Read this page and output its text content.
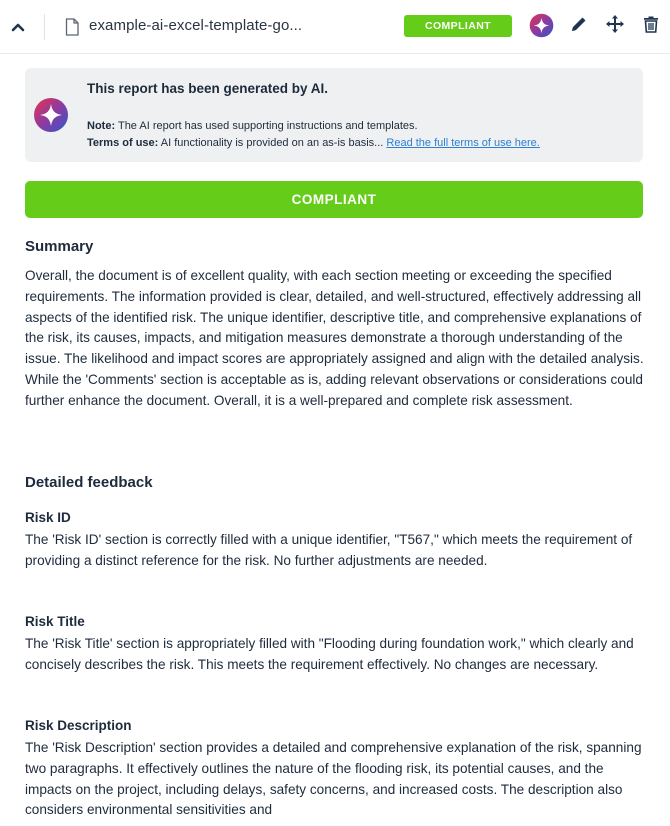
example-ai-excel-template-go...	COMPLIANT
This report has been generated by AI.
Note: The AI report has used supporting instructions and templates.
Terms of use: AI functionality is provided on an as-is basis... Read the full terms of use here.
COMPLIANT
Summary
Overall, the document is of excellent quality, with each section meeting or exceeding the specified requirements. The information provided is clear, detailed, and well-structured, effectively addressing all aspects of the identified risk. The unique identifier, descriptive title, and comprehensive explanations of the risk, its causes, impacts, and mitigation measures demonstrate a thorough understanding of the issue. The likelihood and impact scores are appropriately assigned and align with the detailed analysis. While the 'Comments' section is acceptable as is, adding relevant observations or considerations could further enhance the document. Overall, it is a well-prepared and complete risk assessment.
Detailed feedback
Risk ID
The 'Risk ID' section is correctly filled with a unique identifier, "T567," which meets the requirement of providing a distinct reference for the risk. No further adjustments are needed.
Risk Title
The 'Risk Title' section is appropriately filled with "Flooding during foundation work," which clearly and concisely describes the risk. This meets the requirement effectively. No changes are necessary.
Risk Description
The 'Risk Description' section provides a detailed and comprehensive explanation of the risk, spanning two paragraphs. It effectively outlines the nature of the flooding risk, its potential causes, and the impacts on the project, including delays, safety concerns, and increased costs. The description also considers environmental sensitivities and
